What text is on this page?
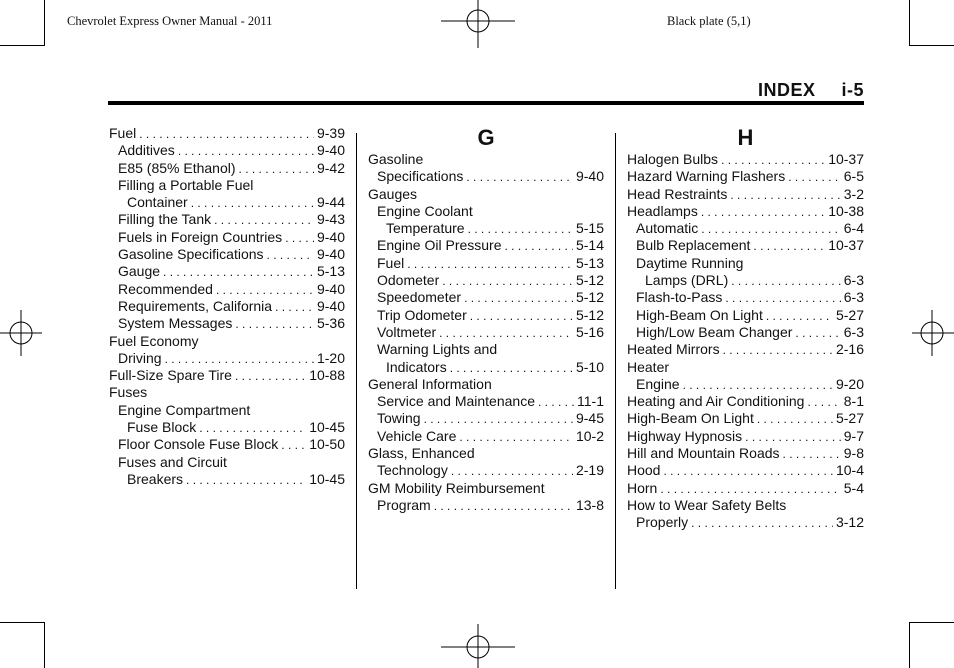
Chevrolet Express Owner Manual - 2011	Black plate (5,1)
INDEX i-5
Fuel . . .	9-39
Additives . . .	9-40
E85 (85% Ethanol) . . .	9-42
Filling a Portable Fuel
Container . . .	9-44
Filling the Tank . . .	9-43
Fuels in Foreign Countries . . . 9-40
Gasoline Specifications . . .	9-40
Gauge . . .	5-13
Recommended . . .	9-40
Requirements, California . . .	9-40
System Messages . . .	5-36
Fuel Economy
Driving . . .	1-20
Full-Size Spare Tire . . .	10-88
Fuses
Engine Compartment
Fuse Block . . .	10-45
Floor Console Fuse Block . . . 10-50
Fuses and Circuit
Breakers . . .	10-45
G
Gasoline
Specifications . . .	9-40
Gauges
Engine Coolant
Temperature . . .	5-15
Engine Oil Pressure . . .	5-14
Fuel . . .	5-13
Odometer . . .	5-12
Speedometer . . .	5-12
Trip Odometer . . .	5-12
Voltmeter . . .	5-16
Warning Lights and
Indicators . . .	5-10
General Information
Service and Maintenance . . .	11-1
Towing . . .	9-45
Vehicle Care . . .	10-2
Glass, Enhanced
Technology . . .	2-19
GM Mobility Reimbursement
Program . . .	13-8
H
Halogen Bulbs . . .	10-37
Hazard Warning Flashers . . .	6-5
Head Restraints . . .	3-2
Headlamps . . .	10-38
Automatic . . .	6-4
Bulb Replacement . . .	10-37
Daytime Running
Lamps (DRL) . . .	6-3
Flash-to-Pass . . .	6-3
High-Beam On Light . . .	5-27
High/Low Beam Changer . . .	6-3
Heated Mirrors . . .	2-16
Heater
Engine . . .	9-20
Heating and Air Conditioning . . .	8-1
High-Beam On Light . . .	5-27
Highway Hypnosis . . .	9-7
Hill and Mountain Roads . . .	9-8
Hood . . .	10-4
Horn . . .	5-4
How to Wear Safety Belts
Properly . . .	3-12
